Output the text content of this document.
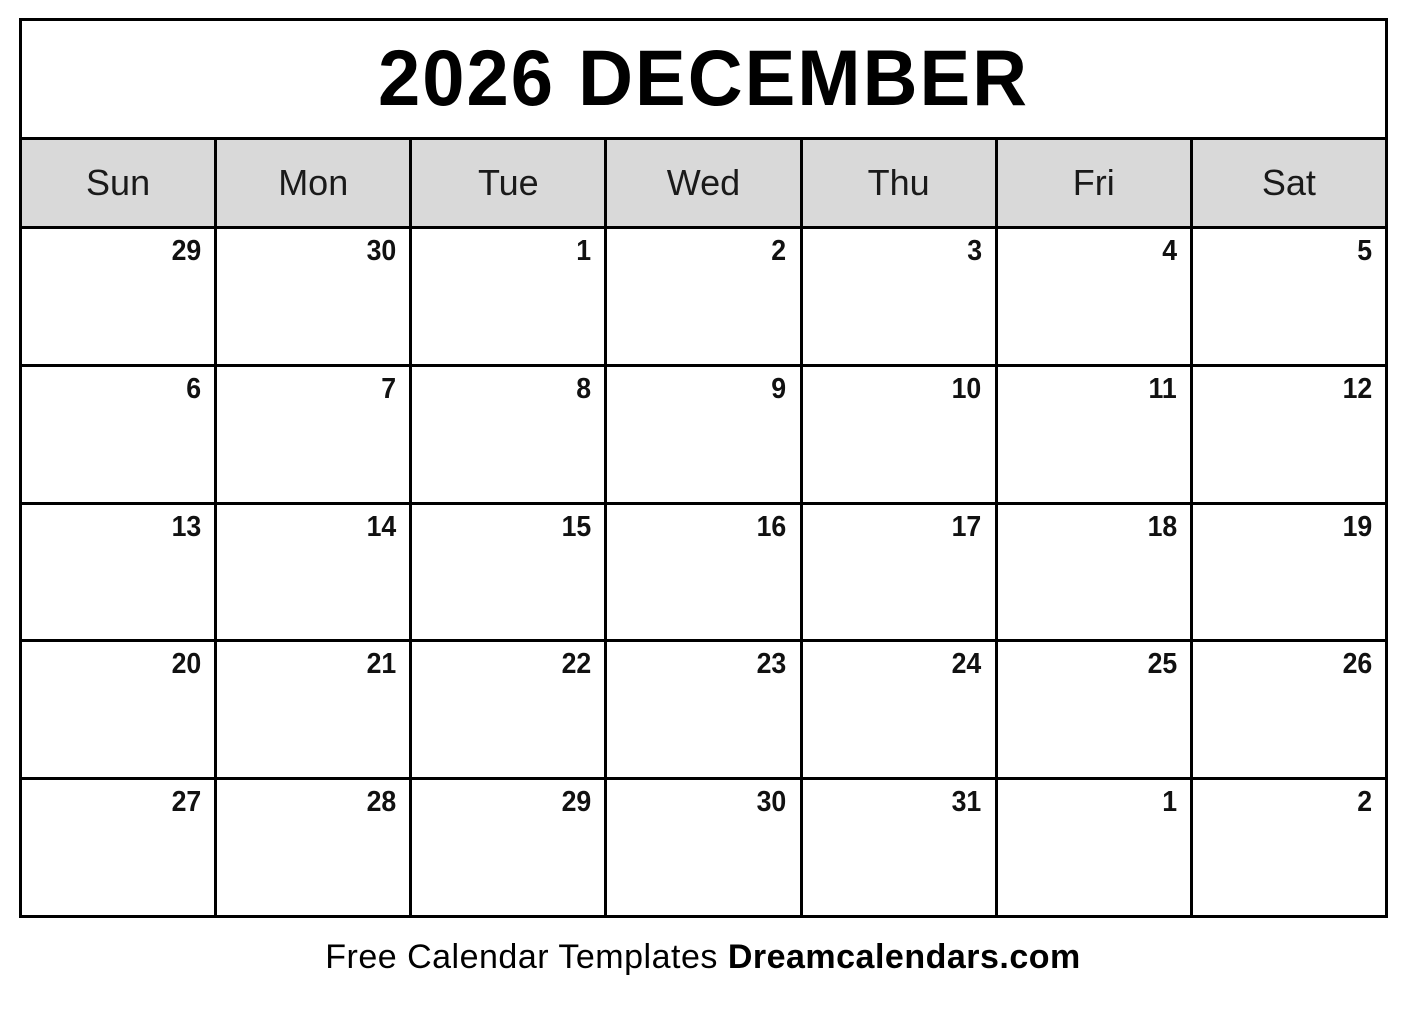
2026 DECEMBER
Sun	Mon	Tue	Wed	Thu	Fri	Sat
29	30	1	2	3	4	5
6	7	8	9	10	11	12
13	14	15	16	17	18	19
20	21	22	23	24	25	26
27	28	29	30	31	1	2
Free Calendar Templates Dreamcalendars.com
